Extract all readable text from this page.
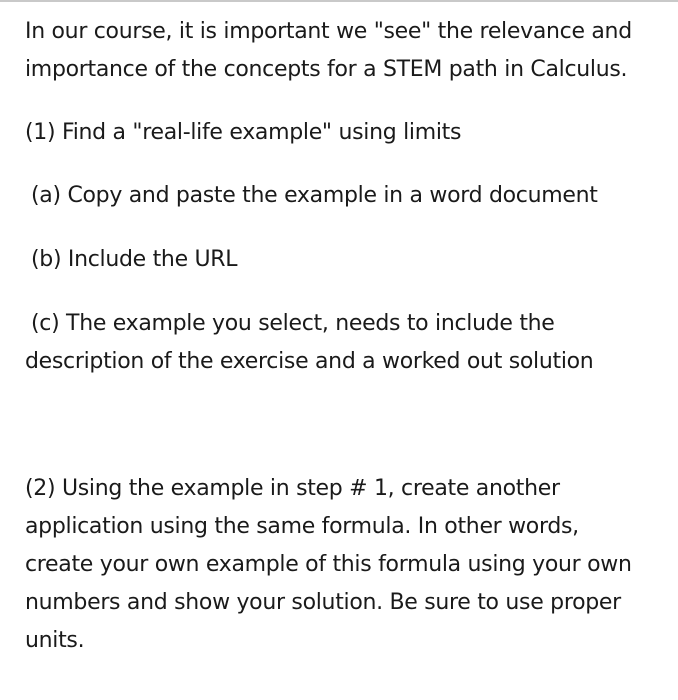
In our course, it is important we "see" the relevance and
importance of the concepts for a STEM path in Calculus.
(1) Find a "real-life example" using limits
(a) Copy and paste the example in a word document
(b) Include the URL
(c) The example you select, needs to include the
description of the exercise and a worked out solution
(2) Using the example in step # 1, create another
application using the same formula. In other words,
create your own example of this formula using your own
numbers and show your solution. Be sure to use proper
units.
